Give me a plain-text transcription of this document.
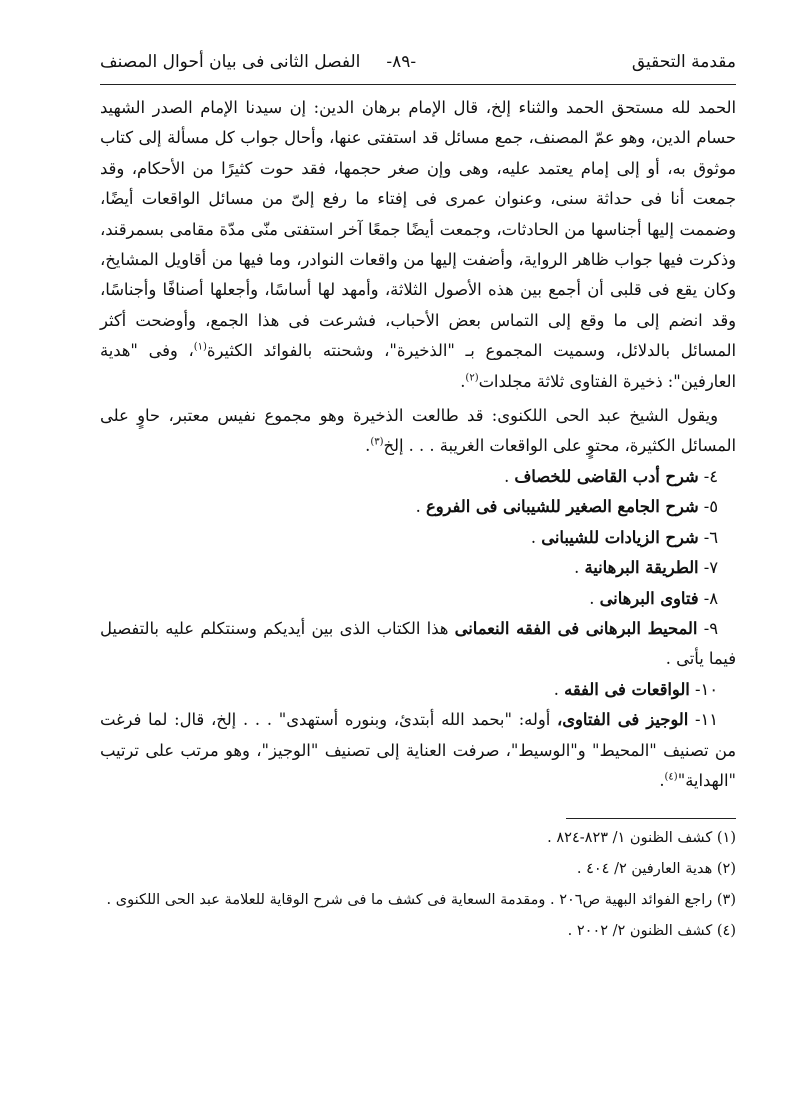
مقدمة التحقيق
-٨٩-
الفصل الثانى فى بيان أحوال المصنف

الحمد لله مستحق الحمد والثناء إلخ، قال الإمام برهان الدين: إن سيدنا الإمام الصدر الشهيد حسام الدين، وهو عمّ المصنف، جمع مسائل قد استفتى عنها، وأحال جواب كل مسألة إلى كتاب موثوق به، أو إلى إمام يعتمد عليه، وهى وإن صغر حجمها، فقد حوت كثيرًا من الأحكام، وقد جمعت أنا فى حداثة سنى، وعنوان عمرى فى إفتاء ما رفع إلىّ من مسائل الواقعات أيضًا، وضممت إليها أجناسها من الحادثات، وجمعت أيضًا جمعًا آخر استفتى منّى مدّة مقامى بسمرقند، وذكرت فيها جواب ظاهر الرواية، وأضفت إليها من واقعات النوادر، وما فيها من أقاويل المشايخ، وكان يقع فى قلبى أن أجمع بين هذه الأصول الثلاثة، وأمهد لها أساسًا، وأجعلها أصنافًا وأجناسًا، وقد انضم إلى ما وقع إلى التماس بعض الأحباب، فشرعت فى هذا الجمع، وأوضحت أكثر المسائل بالدلائل، وسميت المجموع بـ "الذخيرة"، وشحنته بالفوائد الكثيرة$^{(١)}$، وفى "هدية العارفين": ذخيرة الفتاوى ثلاثة مجلدات$^{(٢)}$.

ويقول الشيخ عبد الحى اللكنوى: قد طالعت الذخيرة وهو مجموع نفيس معتبر، حاوٍ على المسائل الكثيرة، محتوٍ على الواقعات الغريبة . . . إلخ$^{(٣)}$.

٤- شرح أدب القاضى للخصاف .

٥- شرح الجامع الصغير للشيبانى فى الفروع .

٦- شرح الزيادات للشيبانى .

٧- الطريقة البرهانية .

٨- فتاوى البرهانى .

٩- المحيط البرهانى فى الفقه النعمانى هذا الكتاب الذى بين أيديكم وسنتكلم عليه بالتفصيل فيما يأتى .

١٠- الواقعات فى الفقه .

١١- الوجيز فى الفتاوى، أوله: "بحمد الله أبتدئ، وبنوره أستهدى" . . . إلخ، قال: لما فرغت من تصنيف "المحيط" و"الوسيط"، صرفت العناية إلى تصنيف "الوجيز"، وهو مرتب على ترتيب "الهداية"$^{(٤)}$.

(١) كشف الظنون ١/ ٨٢٣-٨٢٤ .

(٢) هدية العارفين ٢/ ٤٠٤ .

(٣) راجع الفوائد البهية ص٢٠٦ . ومقدمة السعاية فى كشف ما فى شرح الوقاية للعلامة عبد الحى اللكنوى .

(٤) كشف الظنون ٢/ ٢٠٠٢ .
